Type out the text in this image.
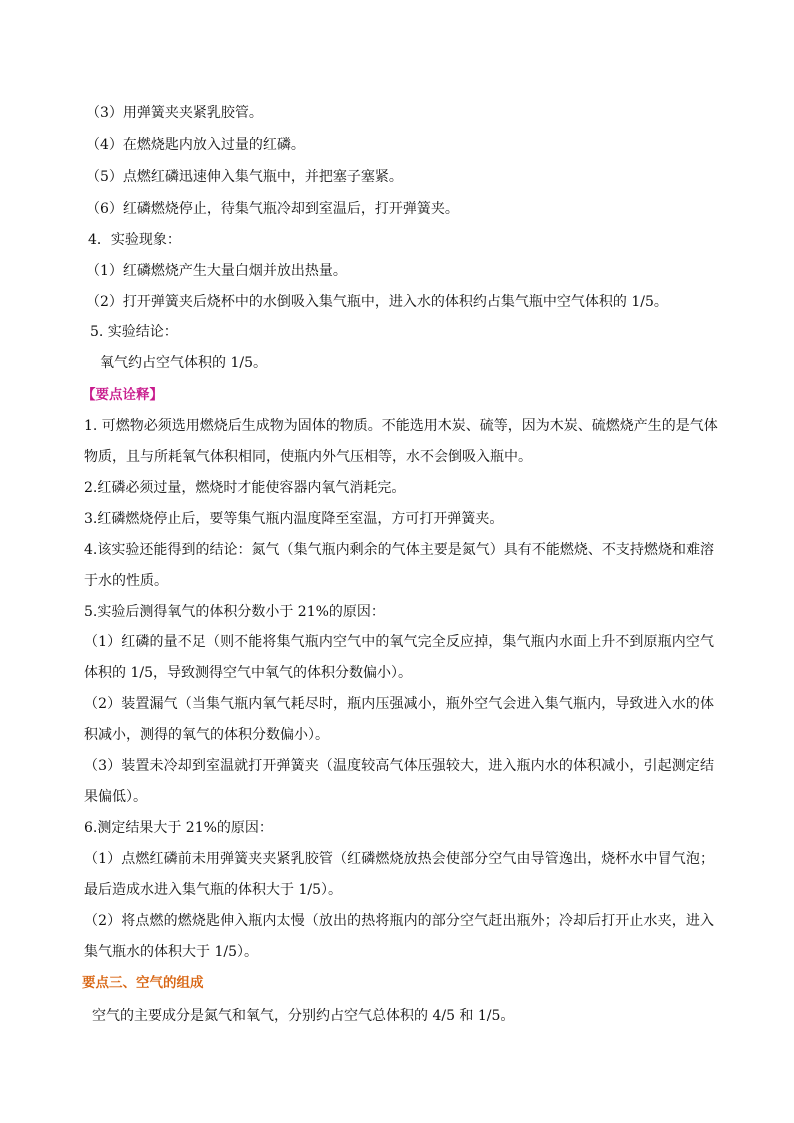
（3）用弹簧夹夹紧乳胶管。
（4）在燃烧匙内放入过量的红磷。
（5）点燃红磷迅速伸入集气瓶中，并把塞子塞紧。
（6）红磷燃烧停止，待集气瓶冷却到室温后，打开弹簧夹。
4．实验现象：
（1）红磷燃烧产生大量白烟并放出热量。
（2）打开弹簧夹后烧杯中的水倒吸入集气瓶中，进入水的体积约占集气瓶中空气体积的 1/5。
5. 实验结论：
氧气约占空气体积的 1/5。
【要点诠释】
1. 可燃物必须选用燃烧后生成物为固体的物质。不能选用木炭、硫等，因为木炭、硫燃烧产生的是气体
物质，且与所耗氧气体积相同，使瓶内外气压相等，水不会倒吸入瓶中。
2.红磷必须过量，燃烧时才能使容器内氧气消耗完。
3.红磷燃烧停止后，要等集气瓶内温度降至室温，方可打开弹簧夹。
4.该实验还能得到的结论：氮气（集气瓶内剩余的气体主要是氮气）具有不能燃烧、不支持燃烧和难溶
于水的性质。
5.实验后测得氧气的体积分数小于 21%的原因：
（1）红磷的量不足（则不能将集气瓶内空气中的氧气完全反应掉，集气瓶内水面上升不到原瓶内空气
体积的 1/5，导致测得空气中氧气的体积分数偏小）。
（2）装置漏气（当集气瓶内氧气耗尽时，瓶内压强减小，瓶外空气会进入集气瓶内，导致进入水的体
积减小，测得的氧气的体积分数偏小）。
（3）装置未冷却到室温就打开弹簧夹（温度较高气体压强较大，进入瓶内水的体积减小，引起测定结
果偏低）。
6.测定结果大于 21%的原因：
（1）点燃红磷前未用弹簧夹夹紧乳胶管（红磷燃烧放热会使部分空气由导管逸出，烧杯水中冒气泡；
最后造成水进入集气瓶的体积大于 1/5）。
（2）将点燃的燃烧匙伸入瓶内太慢（放出的热将瓶内的部分空气赶出瓶外；冷却后打开止水夹，进入
集气瓶水的体积大于 1/5）。
要点三、空气的组成
空气的主要成分是氮气和氧气，分别约占空气总体积的 4/5 和 1/5。
